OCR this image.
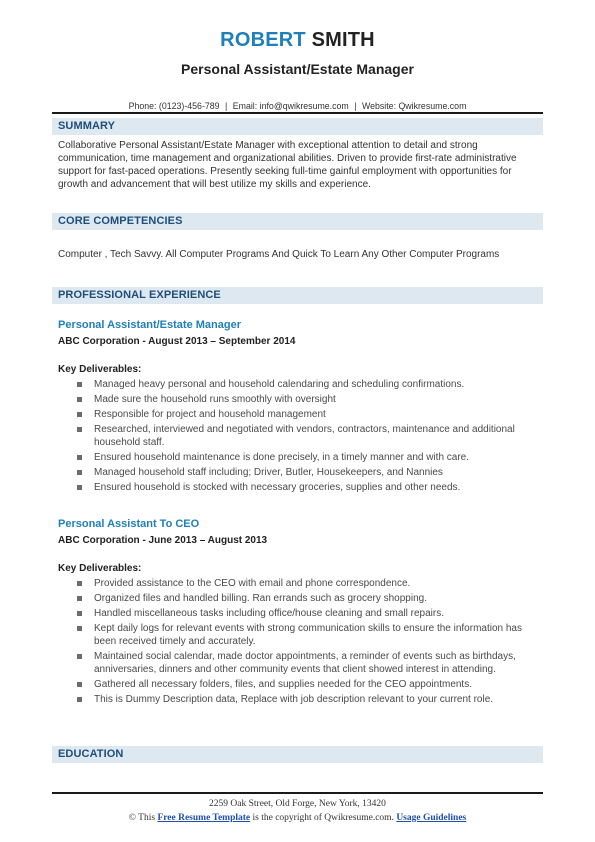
ROBERT SMITH
Personal Assistant/Estate Manager
Phone: (0123)-456-789 | Email: info@qwikresume.com | Website: Qwikresume.com
SUMMARY
Collaborative Personal Assistant/Estate Manager with exceptional attention to detail and strong communication, time management and organizational abilities. Driven to provide first-rate administrative support for fast-paced operations. Presently seeking full-time gainful employment with opportunities for growth and advancement that will best utilize my skills and experience.
CORE COMPETENCIES
Computer , Tech Savvy. All Computer Programs And Quick To Learn Any Other Computer Programs
PROFESSIONAL EXPERIENCE
Personal Assistant/Estate Manager
ABC Corporation - August 2013 – September 2014
Key Deliverables:
Managed heavy personal and household calendaring and scheduling confirmations.
Made sure the household runs smoothly with oversight
Responsible for project and household management
Researched, interviewed and negotiated with vendors, contractors, maintenance and additional household staff.
Ensured household maintenance is done precisely, in a timely manner and with care.
Managed household staff including; Driver, Butler, Housekeepers, and Nannies
Ensured household is stocked with necessary groceries, supplies and other needs.
Personal Assistant To CEO
ABC Corporation - June 2013 – August 2013
Key Deliverables:
Provided assistance to the CEO with email and phone correspondence.
Organized files and handled billing. Ran errands such as grocery shopping.
Handled miscellaneous tasks including office/house cleaning and small repairs.
Kept daily logs for relevant events with strong communication skills to ensure the information has been received timely and accurately.
Maintained social calendar, made doctor appointments, a reminder of events such as birthdays, anniversaries, dinners and other community events that client showed interest in attending.
Gathered all necessary folders, files, and supplies needed for the CEO appointments.
This is Dummy Description data, Replace with job description relevant to your current role.
EDUCATION
2259 Oak Street, Old Forge, New York, 13420
© This Free Resume Template is the copyright of Qwikresume.com. Usage Guidelines
